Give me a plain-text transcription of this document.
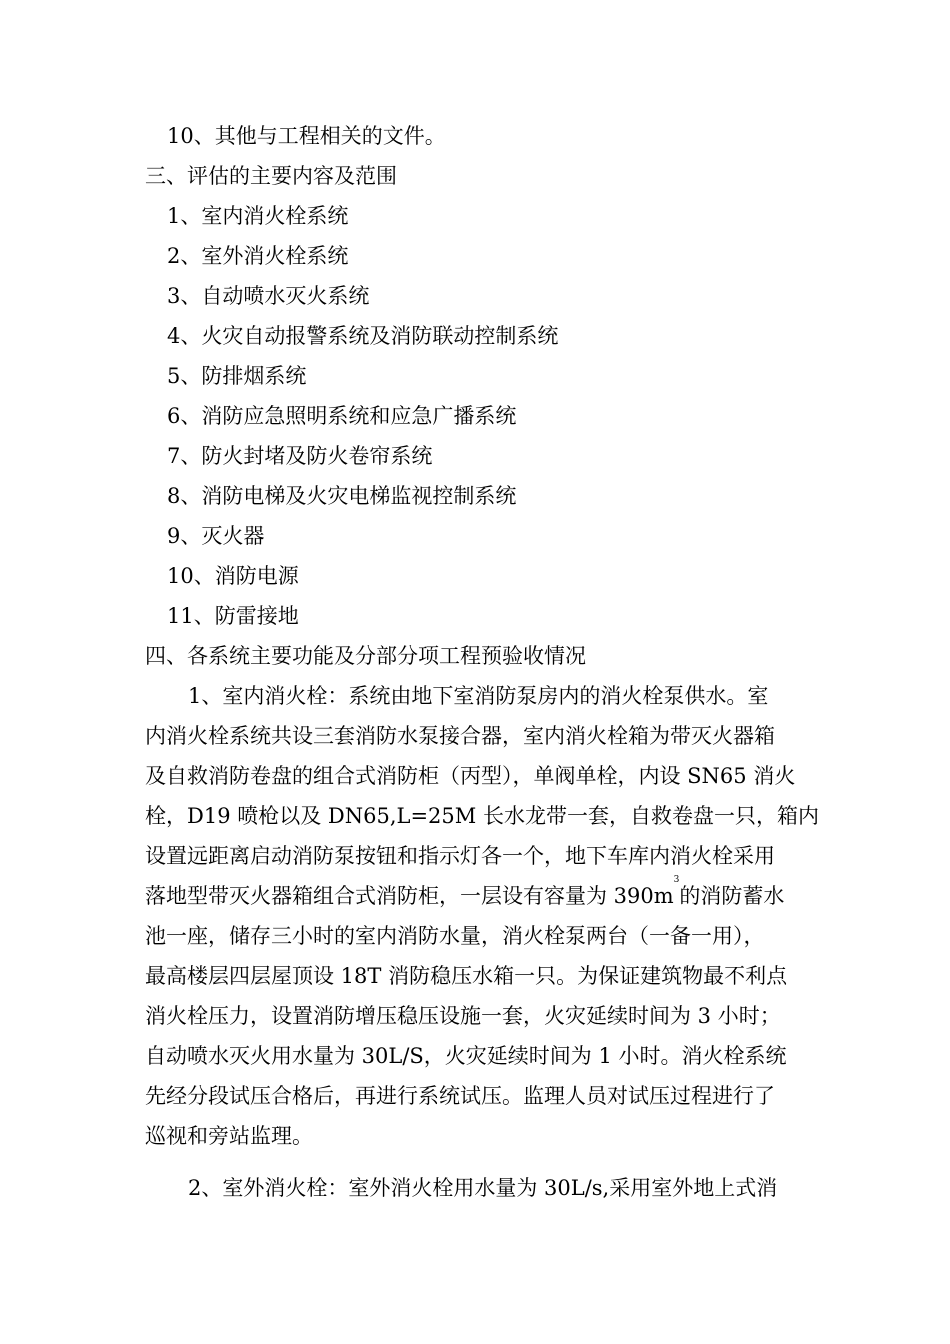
10、其他与工程相关的文件。
三、评估的主要内容及范围
1、室内消火栓系统
2、室外消火栓系统
3、自动喷水灭火系统
4、火灾自动报警系统及消防联动控制系统
5、防排烟系统
6、消防应急照明系统和应急广播系统
7、防火封堵及防火卷帘系统
8、消防电梯及火灾电梯监视控制系统
9、灭火器
10、消防电源
11、防雷接地
四、各系统主要功能及分部分项工程预验收情况
1、室内消火栓：系统由地下室消防泵房内的消火栓泵供水。室
内消火栓系统共设三套消防水泵接合器，室内消火栓箱为带灭火器箱
及自救消防卷盘的组合式消防柜（丙型），单阀单栓，内设 SN65 消火
栓，D19 喷枪以及 DN65,L=25M 长水龙带一套，自救卷盘一只，箱内
设置远距离启动消防泵按钮和指示灯各一个，地下车库内消火栓采用
落地型带灭火器箱组合式消防柜，一层设有容量为 $390m^3$的消防蓄水
池一座，储存三小时的室内消防水量，消火栓泵两台（一备一用），
最高楼层四层屋顶设 18T 消防稳压水箱一只。为保证建筑物最不利点
消火栓压力，设置消防增压稳压设施一套，火灾延续时间为 3 小时；
自动喷水灭火用水量为 30L/S，火灾延续时间为 1 小时。消火栓系统
先经分段试压合格后，再进行系统试压。监理人员对试压过程进行了
巡视和旁站监理。
2、室外消火栓：室外消火栓用水量为 30L/s,采用室外地上式消
